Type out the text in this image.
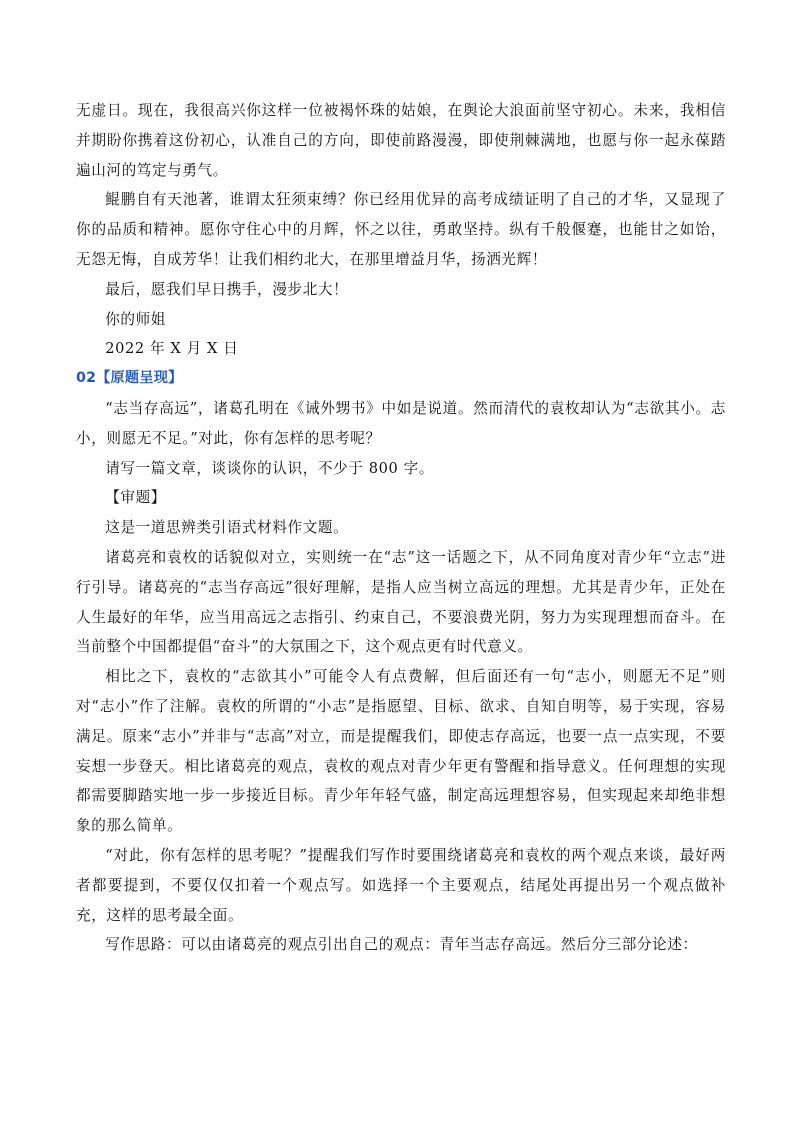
无虚日。现在，我很高兴你这样一位被褐怀珠的姑娘，在舆论大浪面前坚守初心。未来，我相信并期盼你携着这份初心，认准自己的方向，即使前路漫漫，即使荆棘满地，也愿与你一起永葆踏遍山河的笃定与勇气。

鲲鹏自有天池著，谁谓太狂须束缚？你已经用优异的高考成绩证明了自己的才华，又显现了你的品质和精神。愿你守住心中的月辉，怀之以往，勇敢坚持。纵有千般偃蹇，也能甘之如饴，无怨无悔，自成芳华！让我们相约北大，在那里增益月华，扬洒光辉！

最后，愿我们早日携手，漫步北大！

你的师姐

2022 年 X 月 X 日

02【原题呈现】

“志当存高远”，诸葛孔明在《诫外甥书》中如是说道。然而清代的袁枚却认为“志欲其小。志小，则愿无不足。”对此，你有怎样的思考呢？

请写一篇文章，谈谈你的认识，不少于 800 字。

【审题】

这是一道思辨类引语式材料作文题。

诸葛亮和袁枚的话貌似对立，实则统一在“志”这一话题之下，从不同角度对青少年“立志”进行引导。诸葛亮的“志当存高远”很好理解，是指人应当树立高远的理想。尤其是青少年，正处在人生最好的年华，应当用高远之志指引、约束自己，不要浪费光阴，努力为实现理想而奋斗。在当前整个中国都提倡“奋斗”的大氛围之下，这个观点更有时代意义。

相比之下，袁枚的“志欲其小”可能令人有点费解，但后面还有一句“志小，则愿无不足”则对“志小”作了注解。袁枚的所谓的“小志”是指愿望、目标、欲求、自知自明等，易于实现，容易满足。原来“志小”并非与“志高”对立，而是提醒我们，即使志存高远，也要一点一点实现，不要妄想一步登天。相比诸葛亮的观点，袁枚的观点对青少年更有警醒和指导意义。任何理想的实现都需要脚踏实地一步一步接近目标。青少年年轻气盛，制定高远理想容易，但实现起来却绝非想象的那么简单。

“对此，你有怎样的思考呢？”提醒我们写作时要围绕诸葛亮和袁枚的两个观点来谈，最好两者都要提到，不要仅仅扣着一个观点写。如选择一个主要观点，结尾处再提出另一个观点做补充，这样的思考最全面。

写作思路：可以由诸葛亮的观点引出自己的观点：青年当志存高远。然后分三部分论述：
